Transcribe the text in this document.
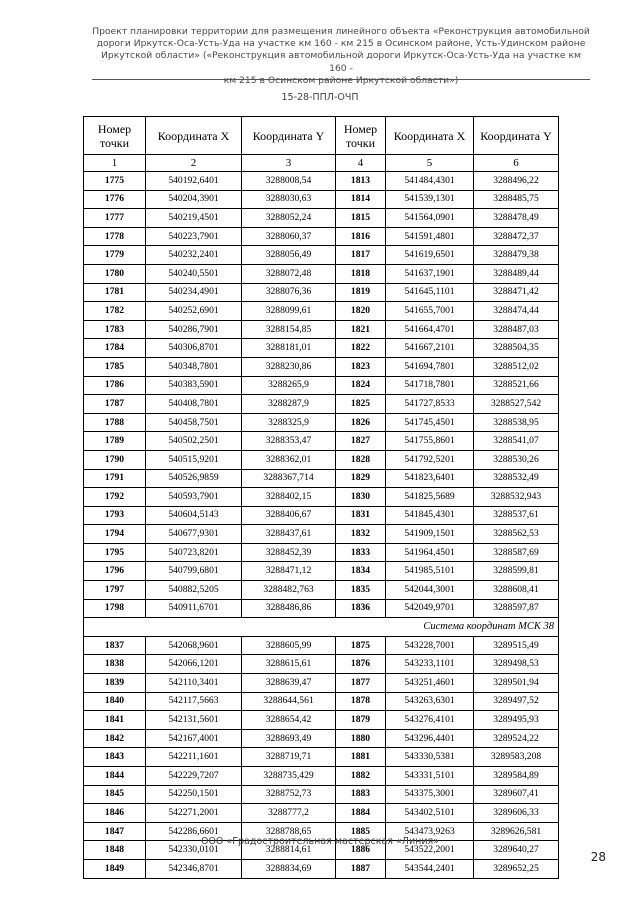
Проект планировки территории для размещения линейного объекта «Реконструкция автомобильной
дороги Иркутск-Оса-Усть-Уда на участке км 160 - км 215 в Осинском районе, Усть-Удинском районе
Иркутской области» («Реконструкция автомобильной дороги Иркутск-Оса-Усть-Уда на участке км 160 -
км 215 в Осинском районе Иркутской области»)
15-28-ППЛ-ОЧП
Номер точки	Координата X	Координата Y	Номер точки	Координата X	Координата Y
1	2	3	4	5	6
1775	540192,6401	3288008,54	1813	541484,4301	3288496,22
1776	540204,3901	3288030,63	1814	541539,1301	3288485,75
1777	540219,4501	3288052,24	1815	541564,0901	3288478,49
1778	540223,7901	3288060,37	1816	541591,4801	3288472,37
1779	540232,2401	3288056,49	1817	541619,6501	3288479,38
1780	540240,5501	3288072,48	1818	541637,1901	3288489,44
1781	540234,4901	3288076,36	1819	541645,1101	3288471,42
1782	540252,6901	3288099,61	1820	541655,7001	3288474,44
1783	540286,7901	3288154,85	1821	541664,4701	3288487,03
1784	540306,8701	3288181,01	1822	541667,2101	3288504,35
1785	540348,7801	3288230,86	1823	541694,7801	3288512,02
1786	540383,5901	3288265,9	1824	541718,7801	3288521,66
1787	540408,7801	3288287,9	1825	541727,8533	3288527,542
1788	540458,7501	3288325,9	1826	541745,4501	3288538,95
1789	540502,2501	3288353,47	1827	541755,8601	3288541,07
1790	540515,9201	3288362,01	1828	541792,5201	3288530,26
1791	540526,9859	3288367,714	1829	541823,6401	3288532,49
1792	540593,7901	3288402,15	1830	541825,5689	3288532,943
1793	540604,5143	3288406,67	1831	541845,4301	3288537,61
1794	540677,9301	3288437,61	1832	541909,1501	3288562,53
1795	540723,8201	3288452,39	1833	541964,4501	3288587,69
1796	540799,6801	3288471,12	1834	541985,5101	3288599,81
1797	540882,5205	3288482,763	1835	542044,3001	3288608,41
1798	540911,6701	3288486,86	1836	542049,9701	3288597,87
Система координат МСК 38					
1837	542068,9601	3288605,99	1875	543228,7001	3289515,49
1838	542066,1201	3288615,61	1876	543233,1101	3289498,53
1839	542110,3401	3288639,47	1877	543251,4601	3289501,94
1840	542117,5663	3288644,561	1878	543263,6301	3289497,52
1841	542131,5601	3288654,42	1879	543276,4101	3289495,93
1842	542167,4001	3288693,49	1880	543296,4401	3289524,22
1843	542211,1601	3288719,71	1881	543330,5381	3289583,208
1844	542229,7207	3288735,429	1882	543331,5101	3289584,89
1845	542250,1501	3288752,73	1883	543375,3001	3289607,41
1846	542271,2001	3288777,2	1884	543402,5101	3289606,33
1847	542286,6601	3288788,65	1885	543473,9263	3289626,581
1848	542330,0101	3288814,61	1886	543522,2001	3289640,27
1849	542346,8701	3288834,69	1887	543544,2401	3289652,25
ООО «Градостроительная мастерская «Линия»
28
